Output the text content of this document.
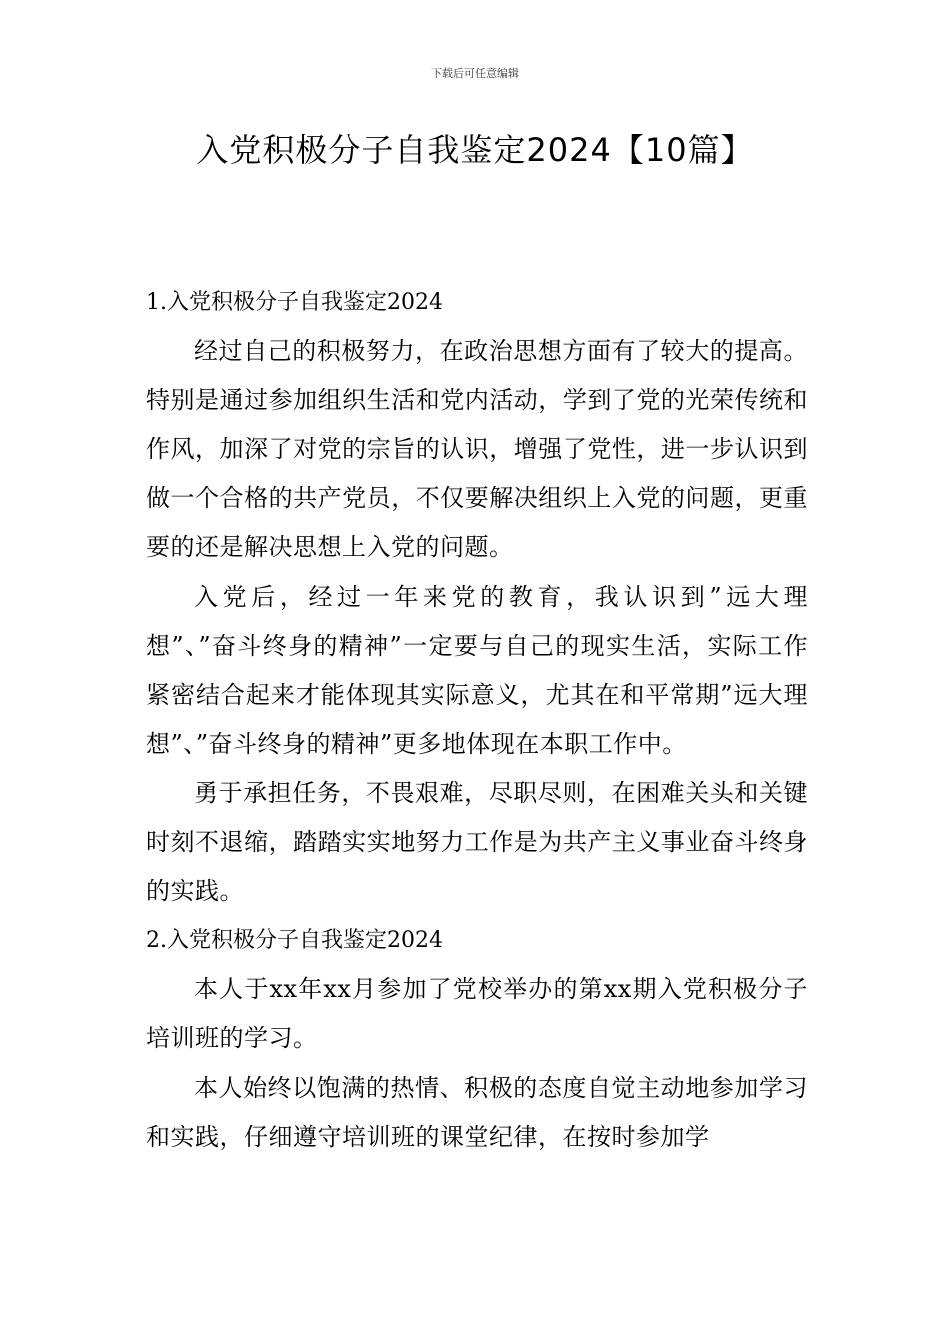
下载后可任意编辑
入党积极分子自我鉴定2024【10篇】

1.入党积极分子自我鉴定2024

经过自己的积极努力，在政治思想方面有了较大的提高。特别是通过参加组织生活和党内活动，学到了党的光荣传统和作风，加深了对党的宗旨的认识，增强了党性，进一步认识到做一个合格的共产党员，不仅要解决组织上入党的问题，更重要的还是解决思想上入党的问题。

入党后，经过一年来党的教育，我认识到”远大理想”、”奋斗终身的精神”一定要与自己的现实生活，实际工作紧密结合起来才能体现其实际意义，尤其在和平常期”远大理想”、”奋斗终身的精神”更多地体现在本职工作中。

勇于承担任务，不畏艰难，尽职尽则，在困难关头和关键时刻不退缩，踏踏实实地努力工作是为共产主义事业奋斗终身的实践。

2.入党积极分子自我鉴定2024

本人于xx年xx月参加了党校举办的第xx期入党积极分子培训班的学习。

本人始终以饱满的热情、积极的态度自觉主动地参加学习和实践，仔细遵守培训班的课堂纪律，在按时参加学
